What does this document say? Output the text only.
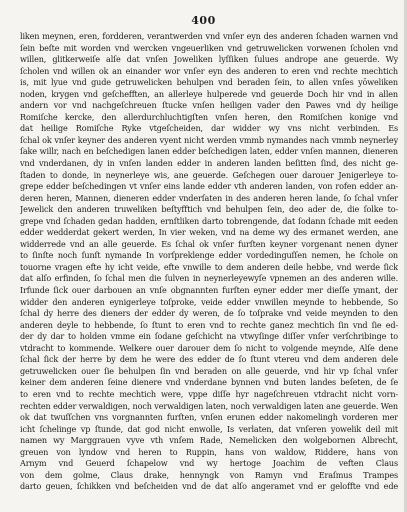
400
liken meynen, eren, fordderen, verantwerden vnd vnſer eyn des anderen ſchaden warnen vnd
ſein beſte mit worden vnd wercken vngeuerliken vnd getruwelicken vorwenen ſcholen vnd
willen, glitkerweiſe alſe dat vnſen Joweliken lyſſiken ſulues andrope ane geuerde. Wy
ſcholen vnd willen ok an einander wor vnſer eyn des anderen to eren vnd rechte mechtich
is, mit lyue vnd gude getruwelicken behulpen vnd beraden ſein, to allen vnſes yōweliken
noden, krygen vnd geſchefften, an allerleye hulperede vnd geuerde Doch hir vnd in allen
andern vor vnd nachgeſchreuen ſtucke vnſen heiligen vader den Pawes vnd dy heilige
Romiſche kercke, den allerdurchluchtigſten vnſen heren, den Romiſchen konige vnd
dat heilige Romiſche Ryke vtgeſcheiden, dar widder wy vns nicht verbinden. Es
ſchal ok vnſer keyner des anderen vyent nicht werden vmmb nymandes nach vmmb neynerley
ſake willr, nach en beſchedigen lanen edder beſchedigen laten, edder vnſen mannen, dieneren
vnd vnderdanen, dy in vnſen landen edder in anderen landen beſitten ſind, des nicht ge-
ſtaden to donde, in neynerleye wis, ane geuerde. Geſchegen ouer darouer Jenigerleye to-
grepe edder beſchedingen vt vnſer eins lande edder vth anderen landen, von rofen edder an-
deren heren, Mannen, dieneren edder vnderſaten in des anderen heren lande, ſo ſchal vnſer
Jewelick den anderen truweliken beſtyfftich vnd behulpen ſein, deo ader de, die ſolke to-
grepe vnd ſchaden gedan hadden, ernſtliken darto tobrengende, dat ſodann ſchade mit eeden
edder wedderdat gekert werden, In vier weken, vnd na deme wy des ermanet werden, ane
widderrede vnd an alle geuerde. Es ſchal ok vnſer furſten keyner vorgenant nenen dyner
to ſinſte noch ſunſt nymande In vorſpreklenge edder vordedinguſſen nemen, he ſchole on
touorne vragen efte hy icht veide, efte vnwille to dem anderen deile hebbe, vnd werde ſick
dat alſo erfinden, ſo ſchal men die ſulven in neynerleyewyſe vpnemen an des anderen wille.
Irfunde ſick ouer darbouen an vnſe obgnannten furſten eyner edder mer dieſſe ymant, der
widder den anderen eynigerleye toſproke, veide edder vnwillen meynde to hebbende, So
ſchal dy herre des dieners der edder dy weren, de ſo toſprake vnd veide meynden to den
anderen deyle to hebbende, ſo ſtunt to eren vnd to rechte ganez mechtich ſin vnd ſie ed-
der dy dar to holden vmme ein ſodane geſchicht na vtwyſinge diſſer vnſer verſchribinge to
vtdracht to kommende. Welkere ouer darouer dem ſo nicht to volgende meynde, Alſe dene
ſchal ſick der herre by dem he were des edder de ſo ſtunt vtereu vnd dem anderen dele
getruwelicken ouer ſie behulpen ſin vnd beraden on alle geuerde, vnd hir vp ſchal vnſer
keiner dem anderen ſeine dienere vnd vnderdane bynnen vnd buten landes beſeten, de ſe
to eren vnd to rechte mechtich were, vppe diſſe hyr nageſchreuen vtdracht nicht vorn-
rechten edder verwaldigen, noch verwaldigen laten, noch verwaldigen laten ane geuerde. Wen
ok dat twuſſchen vns vorgnannten furſten, vnſen erunen edder nakomelingh vorderen mer
icht ſchelinge vp ſtunde, dat god nicht enwolle, Is verlaten, dat vnſeren yowelik deil mit
namen wy Marggrauen vyve vth vnſem Rade, Nemelicken den wolgebornen Albrecht,
greuen von lyndow vnd heren to Ruppin, hans von waldow, Riddere, hans von
Arnym vnd Geuerd ſchapelow vnd wy hertoge Joachim de veften Claus
von dem golme, Claus drake, hennyngk von Ramyn vnd Eraſmus Trampes
darto geuen, ſchikken vnd beſcheiden vnd de dat alſo angeramet vnd er geloffte vnd ede
